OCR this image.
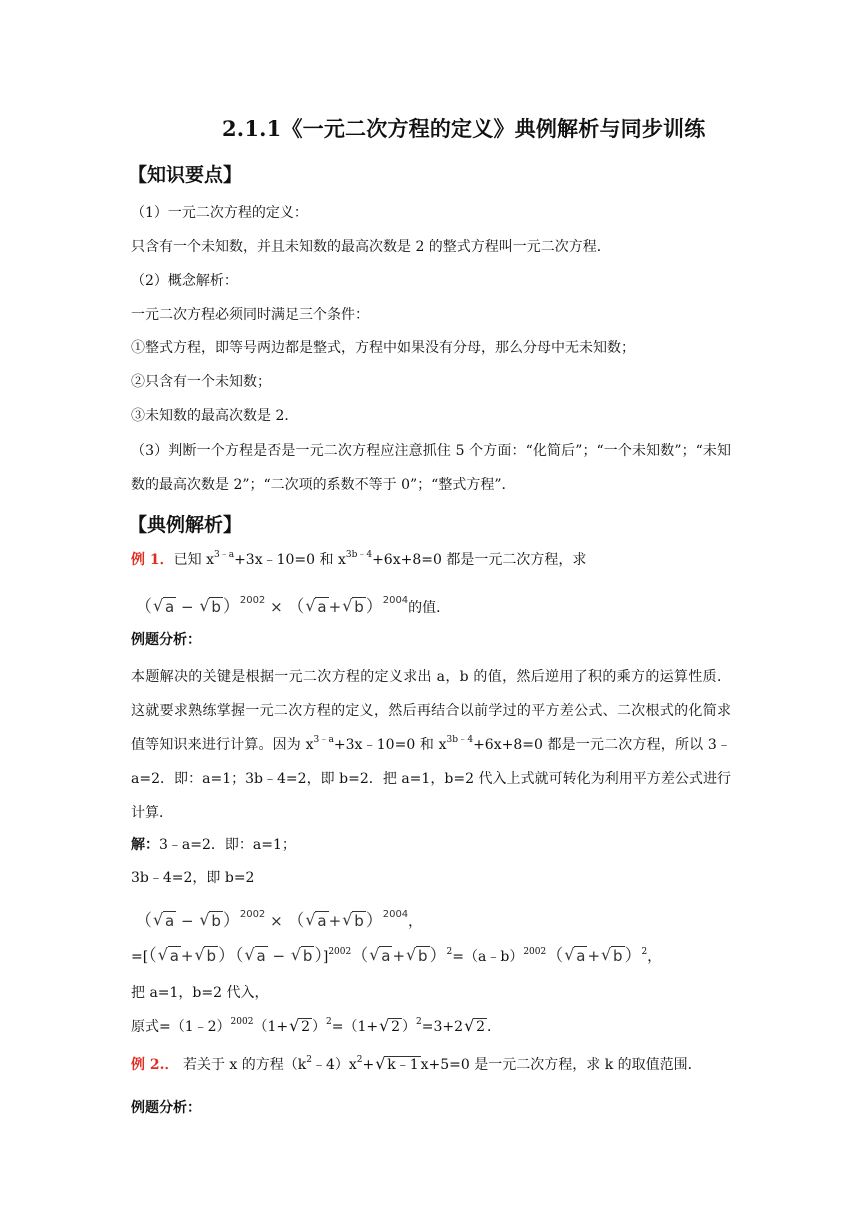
2.1.1《一元二次方程的定义》典例解析与同步训练
【知识要点】
（1）一元二次方程的定义：
只含有一个未知数，并且未知数的最高次数是 2 的整式方程叫一元二次方程．
（2）概念解析：
一元二次方程必须同时满足三个条件：
①整式方程，即等号两边都是整式，方程中如果没有分母，那么分母中无未知数；
②只含有一个未知数；
③未知数的最高次数是 2．
（3）判断一个方程是否是一元二次方程应注意抓住 5 个方面：“化简后”；“一个未知数”；“未知数的最高次数是 2”；“二次项的系数不等于 0”；“整式方程”．
【典例解析】
例 1．已知 $x^{3﹣a}+3x﹣10=0$ 和 $x^{3b﹣4}+6x+8=0$ 都是一元二次方程，求
（ √ a − √ b ）$^{2002}$ × （ √ a + √ b ）$^{2004}$的值．
例题分析：
本题解决的关键是根据一元二次方程的定义求出 a，b 的值，然后逆用了积的乘方的运算性质．这就要求熟练掌握一元二次方程的定义，然后再结合以前学过的平方差公式、二次根式的化简求值等知识来进行计算。因为 $x^{3﹣a}+3x﹣10=0$ 和 $x^{3b﹣4}+6x+8=0$ 都是一元二次方程，所以 3﹣a=2．即：a=1；3b﹣4=2，即 b=2．把 a=1，b=2 代入上式就可转化为利用平方差公式进行计算．
解：3﹣a=2．即：a=1；
3b﹣4=2，即 b=2
（ √ a − √ b ）$^{2002}$ × （ √ a + √ b ）$^{2004}$，
=[（ √ a + √ b ）（ √ a − √ b ）]$^{2002}$（ √ a + √ b ）$^2$=（a﹣b）$^{2002}$（ √ a + √ b ）$^2$，
把 a=1，b=2 代入，
原式=（1﹣2）$^{2002}$（1+ √ 2 ）$^2$=（1+ √ 2 ）$^2$=3+2 √ 2 ．
例 2.． 若关于 x 的方程$(k^2﹣4)x^2+$ √ k﹣1 x+5=0 是一元二次方程，求 k 的取值范围．
例题分析：
